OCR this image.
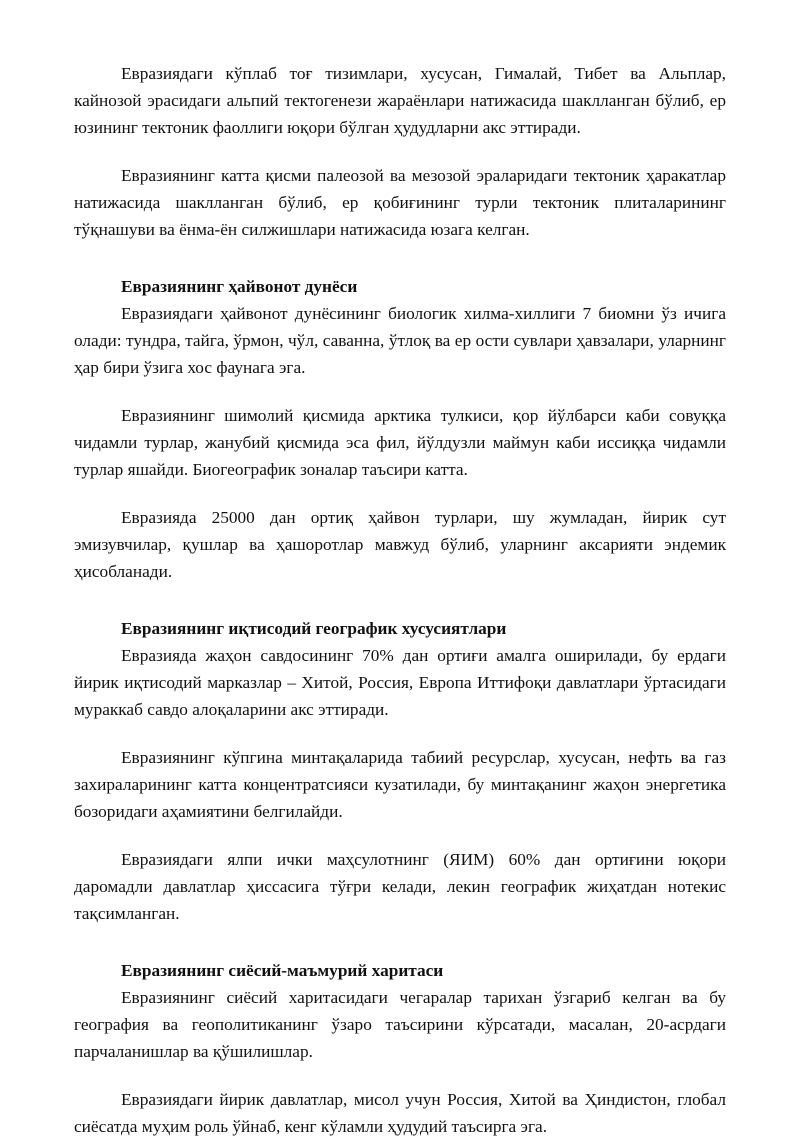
Евразиядаги кўплаб тоғ тизимлари, хусусан, Гималай, Тибет ва Альплар, кайнозой эрасидаги альпий тектогенези жараёнлари натижасида шаклланган бўлиб, ер юзининг тектоник фаоллиги юқори бўлган ҳудудларни акс эттиради.

Евразиянинг катта қисми палеозой ва мезозой эраларидаги тектоник ҳаракатлар натижасида шаклланган бўлиб, ер қобиғининг турли тектоник плиталарининг тўқнашуви ва ёнма-ён силжишлари натижасида юзага келган.

Евразиянинг ҳайвонот дунёси

Евразиядаги ҳайвонот дунёсининг биологик хилма-хиллиги 7 биомни ўз ичига олади: тундра, тайга, ўрмон, чўл, саванна, ўтлоқ ва ер ости сувлари ҳавзалари, уларнинг ҳар бири ўзига хос фаунага эга.

Евразиянинг шимолий қисмида арктика тулкиси, қор йўлбарси каби совуққа чидамли турлар, жанубий қисмида эса фил, йўлдузли маймун каби иссиққа чидамли турлар яшайди. Биогеографик зоналар таъсири катта.

Евразияда 25000 дан ортиқ ҳайвон турлари, шу жумладан, йирик сут эмизувчилар, қушлар ва ҳашоротлар мавжуд бўлиб, уларнинг аксарияти эндемик ҳисобланади.

Евразиянинг иқтисодий географик хусусиятлари

Евразияда жаҳон савдосининг 70% дан ортиғи амалга оширилади, бу ердаги йирик иқтисодий марказлар – Хитой, Россия, Европа Иттифоқи давлатлари ўртасидаги мураккаб савдо алоқаларини акс эттиради.

Евразиянинг кўпгина минтақаларида табиий ресурслар, хусусан, нефть ва газ захираларининг катта концентратсияси кузатилади, бу минтақанинг жаҳон энергетика бозоридаги аҳамиятини белгилайди.

Евразиядаги ялпи ички маҳсулотнинг (ЯИМ) 60% дан ортиғини юқори даромадли давлатлар ҳиссасига тўғри келади, лекин географик жиҳатдан нотекис тақсимланган.

Евразиянинг сиёсий-маъмурий харитаси

Евразиянинг сиёсий харитасидаги чегаралар тарихан ўзгариб келган ва бу география ва геополитиканинг ўзаро таъсирини кўрсатади, масалан, 20-асрдаги парчаланишлар ва қўшилишлар.

Евразиядаги йирик давлатлар, мисол учун Россия, Хитой ва Ҳиндистон, глобал сиёсатда муҳим роль ўйнаб, кенг кўламли ҳудудий таъсирга эга.
